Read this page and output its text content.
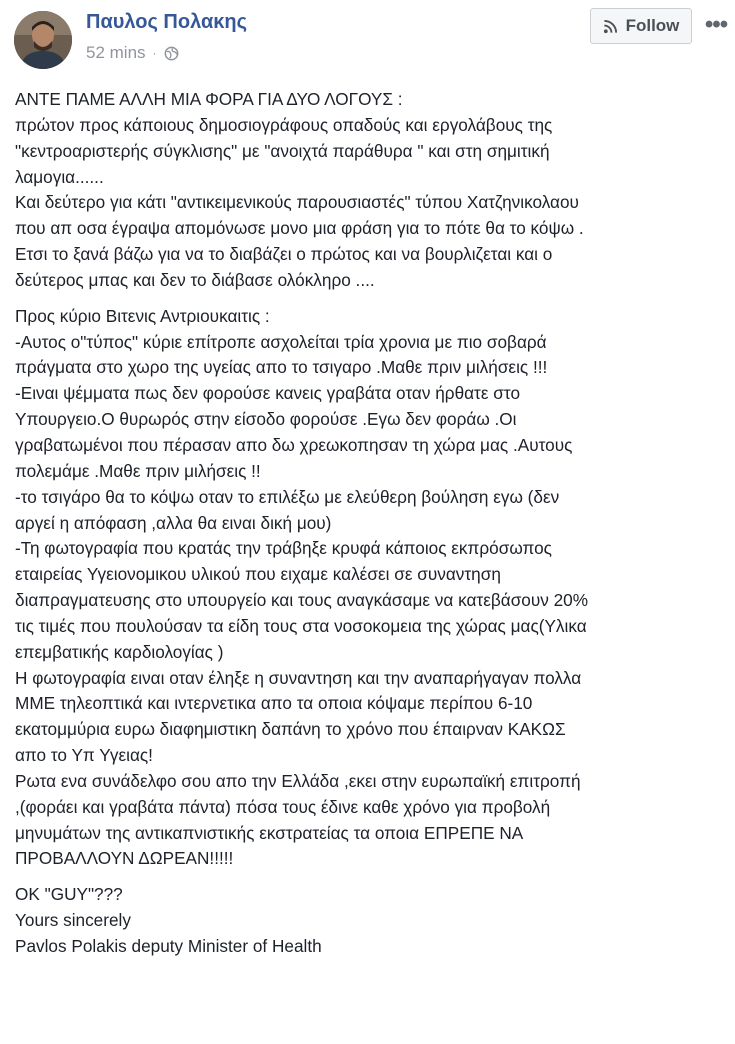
Παυλος Πολακης
52 mins ·
Follow •••

ΑΝΤΕ ΠΑΜΕ ΑΛΛΗ ΜΙΑ ΦΟΡΑ ΓΙΑ ΔΥΟ ΛΟΓΟΥΣ :
πρώτον προς κάποιους δημοσιογράφους οπαδούς και εργολάβους της
"κεντροαριστερής σύγκλισης" με "ανοιχτά παράθυρα " και στη σημιτική
λαμογια......
Και δεύτερο για κάτι "αντικειμενικούς παρουσιαστές" τύπου Χατζηνικολαου
που απ οσα έγραψα απομόνωσε μονο μια φράση για το πότε θα το κόψω .
Ετσι το ξανά βάζω για να το διαβάζει ο πρώτος και να βουρλιζεται και ο
δεύτερος μπας και δεν το διάβασε ολόκληρο ....

Προς κύριο Βιτενις Αντριουκαιτις :
-Αυτος ο"τύπος" κύριε επίτροπε ασχολείται τρία χρονια με πιο σοβαρά
πράγματα στο χωρο της υγείας απο το τσιγαρο .Μαθε πριν μιλήσεις !!!
-Ειναι ψέμματα πως δεν φορούσε κανεις γραβάτα οταν ήρθατε στο
Υπουργειο.Ο θυρωρός στην είσοδο φορούσε .Εγω δεν φοράω .Οι
γραβατωμένοι που πέρασαν απο δω χρεωκοπησαν τη χώρα μας .Αυτους
πολεμάμε .Μαθε πριν μιλήσεις !!
-το τσιγάρο θα το κόψω οταν το επιλέξω με ελεύθερη βούληση εγω (δεν
αργεί η απόφαση ,αλλα θα ειναι δική μου)
-Τη φωτογραφία που κρατάς την τράβηξε κρυφά κάποιος εκπρόσωπος
εταιρείας Υγειονομικου υλικού που ειχαμε καλέσει σε συναντηση
διαπραγματευσης στο υπουργείο και τους αναγκάσαμε να κατεβάσουν 20%
τις τιμές που πουλούσαν τα είδη τους στα νοσοκομεια της χώρας μας(Υλικα
επεμβατικής καρδιολογίας )
Η φωτογραφία ειναι οταν έληξε η συναντηση και την αναπαρήγαγαν πολλα
ΜΜΕ τηλεοπτικά και ιντερνετικα απο τα οποια κόψαμε περίπου 6-10
εκατομμύρια ευρω διαφημιστικη δαπάνη το χρόνο που έπαιρναν ΚΑΚΩΣ
απο το Υπ Υγειας!
Ρωτα ενα συνάδελφο σου απο την Ελλάδα ,εκει στην ευρωπαϊκή επιτροπή
,(φοράει και γραβάτα πάντα) πόσα τους έδινε καθε χρόνο για προβολή
μηνυμάτων της αντικαπνιστικής εκστρατείας τα οποια ΕΠΡΕΠΕ ΝΑ
ΠΡΟΒΑΛΛΟΥΝ ΔΩΡΕΑΝ!!!!!

OK "GUY"???
Yours sincerely
Pavlos Polakis deputy Minister of Health
